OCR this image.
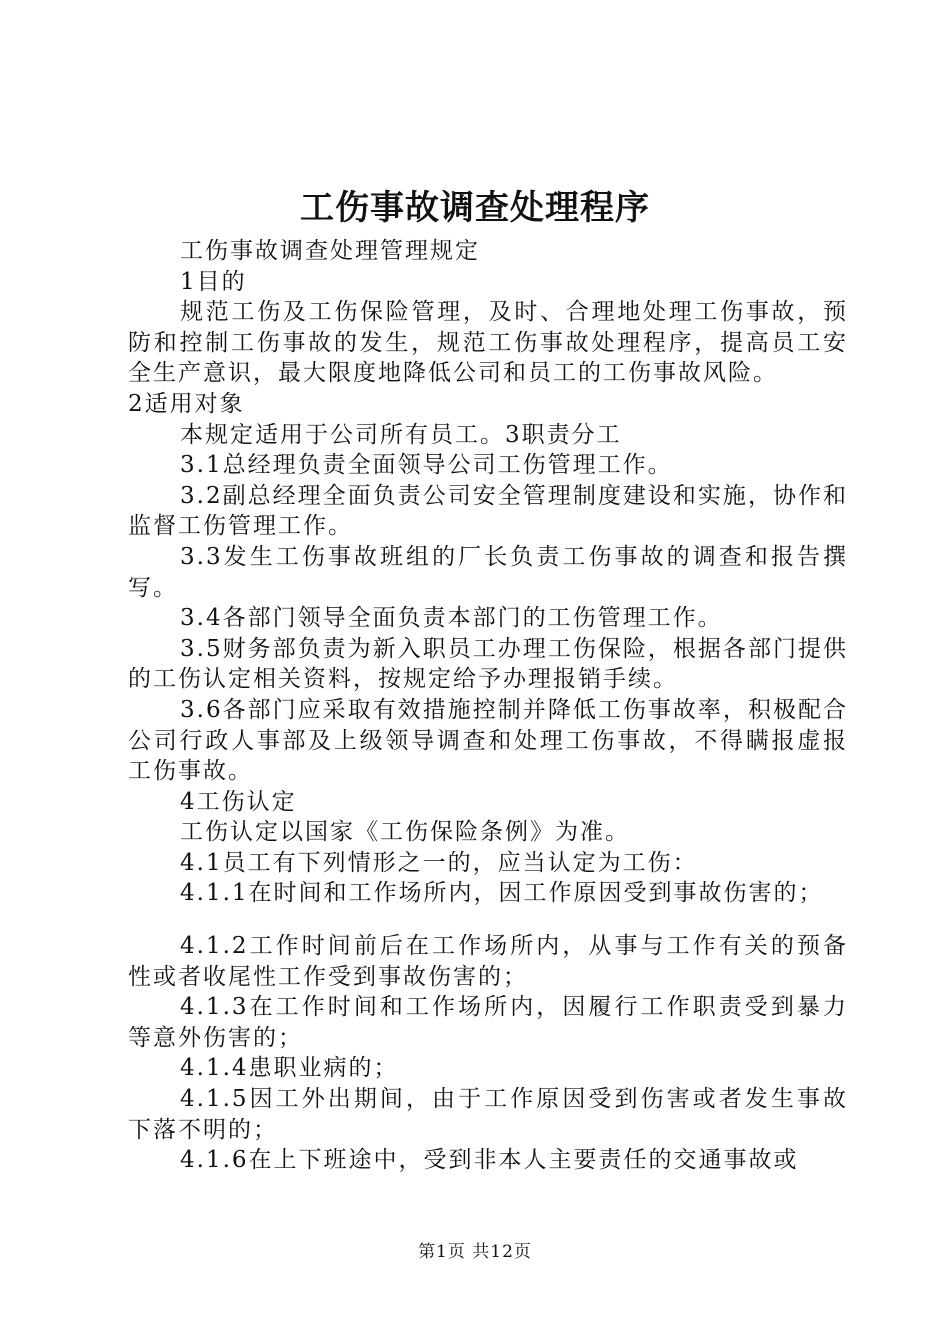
工伤事故调查处理程序

工伤事故调查处理管理规定

1目的

规范工伤及工伤保险管理，及时、合理地处理工伤事故，预防和控制工伤事故的发生，规范工伤事故处理程序，提高员工安全生产意识，最大限度地降低公司和员工的工伤事故风险。

2适用对象

本规定适用于公司所有员工。3职责分工

3.1总经理负责全面领导公司工伤管理工作。

3.2副总经理全面负责公司安全管理制度建设和实施，协作和监督工伤管理工作。

3.3发生工伤事故班组的厂长负责工伤事故的调查和报告撰写。

3.4各部门领导全面负责本部门的工伤管理工作。

3.5财务部负责为新入职员工办理工伤保险，根据各部门提供的工伤认定相关资料，按规定给予办理报销手续。

3.6各部门应采取有效措施控制并降低工伤事故率，积极配合公司行政人事部及上级领导调查和处理工伤事故，不得瞒报虚报工伤事故。

4工伤认定

工伤认定以国家《工伤保险条例》为准。

4.1员工有下列情形之一的，应当认定为工伤：

4.1.1在时间和工作场所内，因工作原因受到事故伤害的；

4.1.2工作时间前后在工作场所内，从事与工作有关的预备性或者收尾性工作受到事故伤害的；

4.1.3在工作时间和工作场所内，因履行工作职责受到暴力等意外伤害的；

4.1.4患职业病的；

4.1.5因工外出期间，由于工作原因受到伤害或者发生事故下落不明的；

4.1.6在上下班途中，受到非本人主要责任的交通事故或

第1页 共12页
